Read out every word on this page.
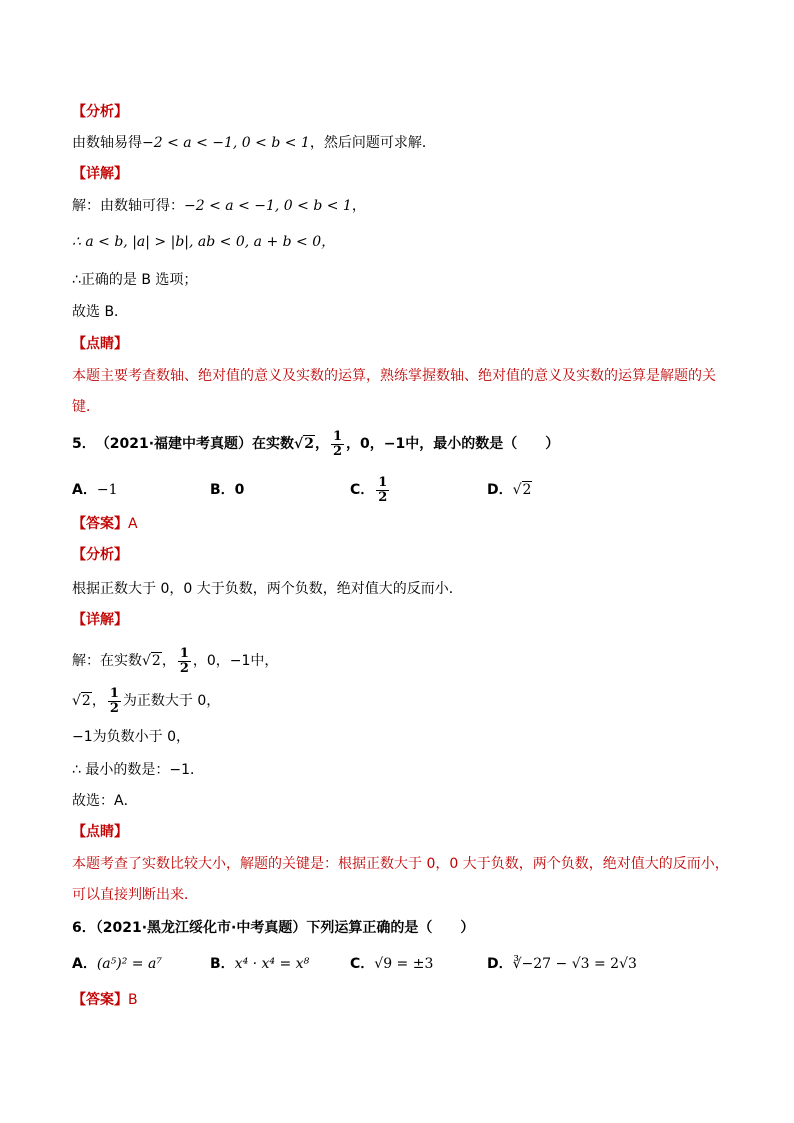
【分析】
由数轴易得−2 < a < −1, 0 < b < 1，然后问题可求解．
【详解】
解：由数轴可得：−2 < a < −1, 0 < b < 1，
∴ a < b, |a| > |b|, ab < 0, a + b < 0，
∴正确的是 B 选项；
故选 B．
【点睛】
本题主要考查数轴、绝对值的意义及实数的运算，熟练掌握数轴、绝对值的意义及实数的运算是解题的关
键．
5． （2021·福建中考真题） 在实数 √2 ， $\frac{1}{2}$ ，0，−1中，最小的数是（　　）
A． −1	B． 0	C． $\frac{1}{2}$	D． √2
【答案】A
【分析】
根据正数大于 0，0 大于负数，两个负数，绝对值大的反而小．
【详解】
解：在实数 √2 ， $\frac{1}{2}$ ，0，−1中，
√2 ， $\frac{1}{2}$ 为正数大于 0，
−1为负数小于 0，
∴ 最小的数是：−1．
故选：A．
【点睛】
本题考查了实数比较大小，解题的关键是：根据正数大于 0，0 大于负数，两个负数，绝对值大的反而小，
可以直接判断出来．
6．（2021·黑龙江绥化市·中考真题）下列运算正确的是（　　）
A．(a⁵)² = a⁷	B．x⁴ · x⁴ = x⁸	C．√9 = ±3	D．∛−27 − √3 = 2√3
【答案】B
